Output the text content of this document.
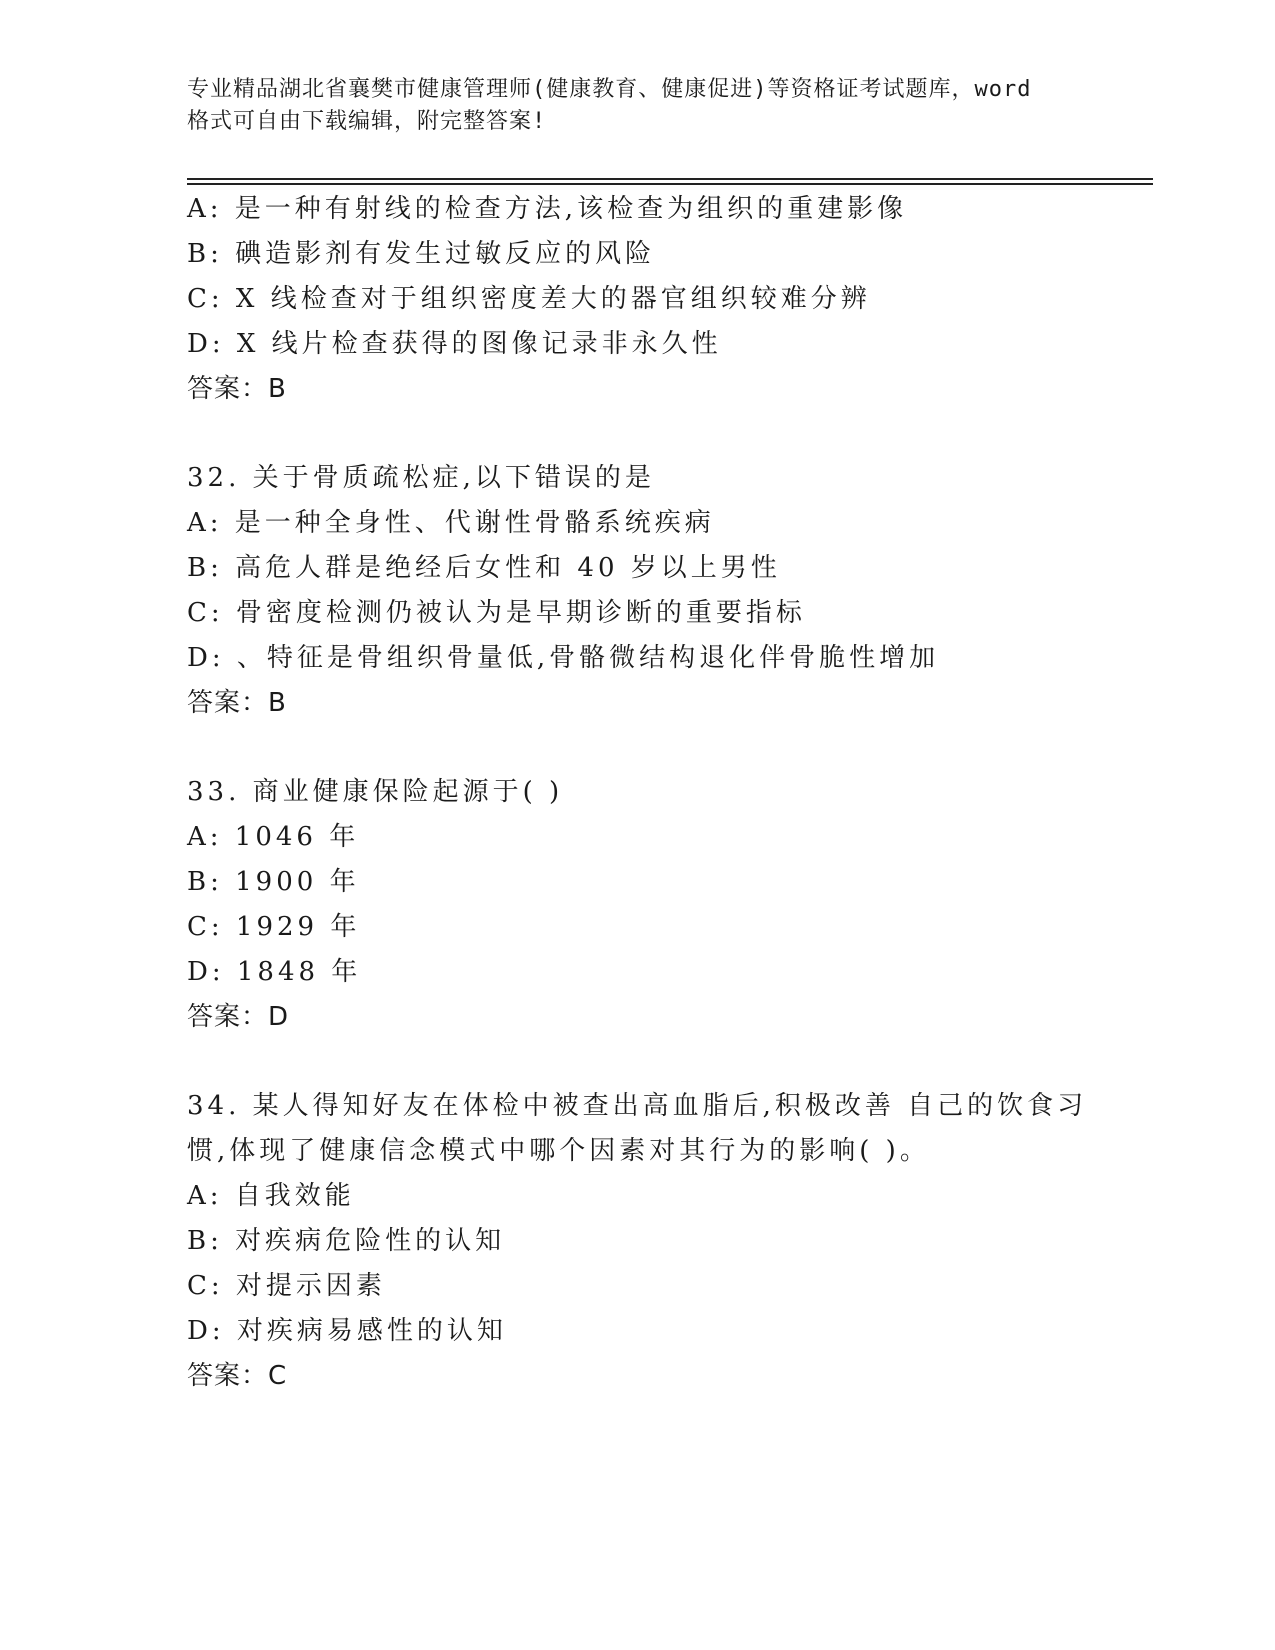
专业精品湖北省襄樊市健康管理师(健康教育、健康促进)等资格证考试题库，word
格式可自由下载编辑，附完整答案!
A: 是一种有射线的检查方法,该检查为组织的重建影像
B: 碘造影剂有发生过敏反应的风险
C: X 线检查对于组织密度差大的器官组织较难分辨
D: X 线片检查获得的图像记录非永久性
答案：B
32. 关于骨质疏松症,以下错误的是
A: 是一种全身性、代谢性骨骼系统疾病
B: 高危人群是绝经后女性和 40 岁以上男性
C: 骨密度检测仍被认为是早期诊断的重要指标
D: 、特征是骨组织骨量低,骨骼微结构退化伴骨脆性增加
答案：B
33. 商业健康保险起源于( )
A: 1046 年
B: 1900 年
C: 1929 年
D: 1848 年
答案：D
34. 某人得知好友在体检中被查出高血脂后,积极改善 自己的饮食习
惯,体现了健康信念模式中哪个因素对其行为的影响( )。
A: 自我效能
B: 对疾病危险性的认知
C: 对提示因素
D: 对疾病易感性的认知
答案：C
